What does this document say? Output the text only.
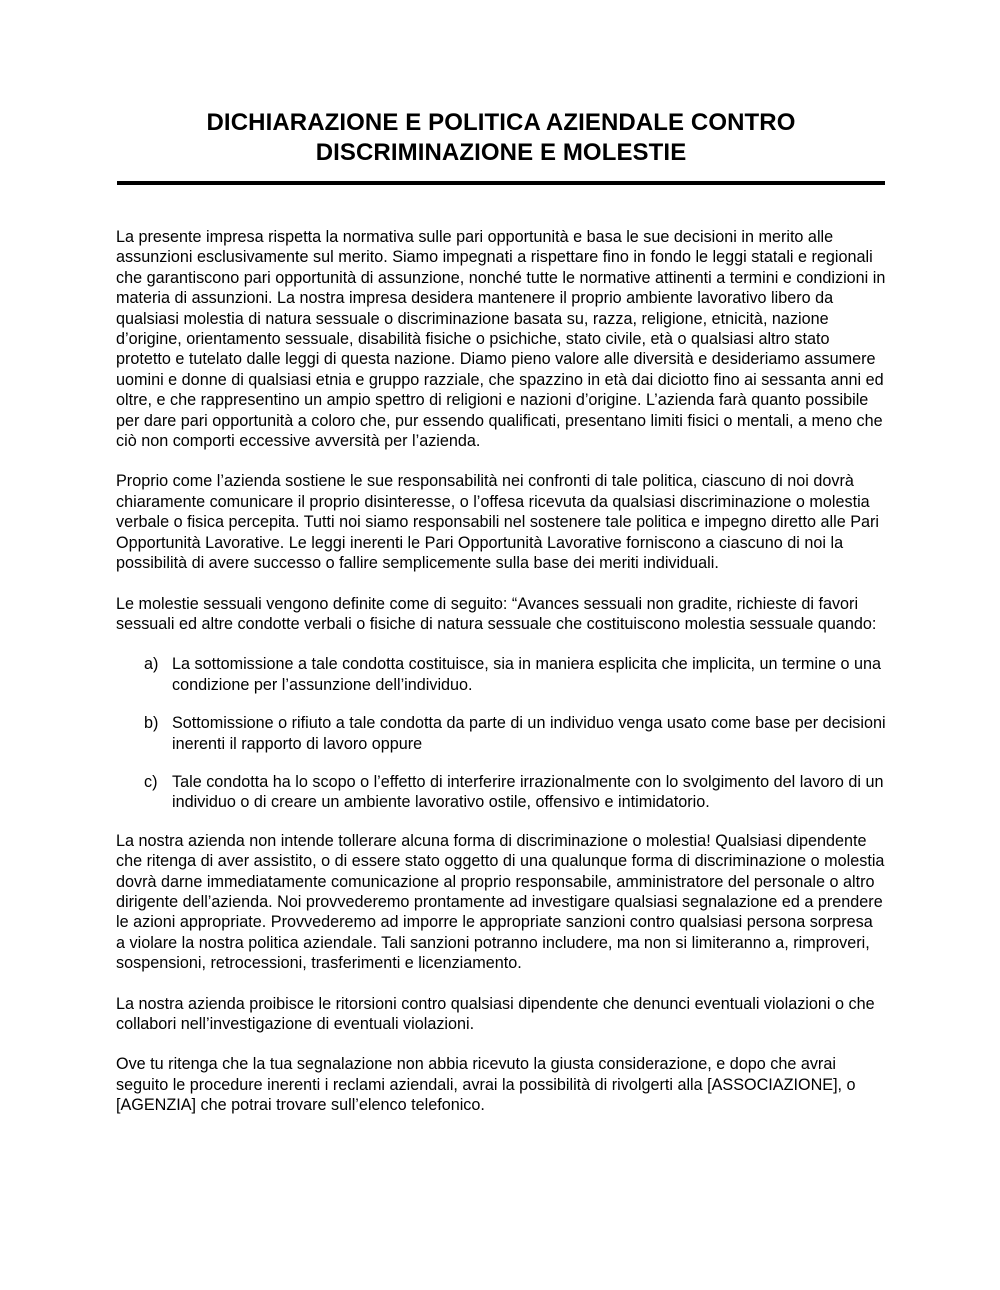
DICHIARAZIONE E POLITICA AZIENDALE CONTRO
DISCRIMINAZIONE E MOLESTIE

La presente impresa rispetta la normativa sulle pari opportunità e basa le sue decisioni in merito alle assunzioni esclusivamente sul merito. Siamo impegnati a rispettare fino in fondo le leggi statali e regionali che garantiscono pari opportunità di assunzione, nonché tutte le normative attinenti a termini e condizioni in materia di assunzioni. La nostra impresa desidera mantenere il proprio ambiente lavorativo libero da qualsiasi molestia di natura sessuale o discriminazione basata su, razza, religione, etnicità, nazione d’origine, orientamento sessuale, disabilità fisiche o psichiche, stato civile, età o qualsiasi altro stato protetto e tutelato dalle leggi di questa nazione. Diamo pieno valore alle diversità e desideriamo assumere uomini e donne di qualsiasi etnia e gruppo razziale, che spazzino in età dai diciotto fino ai sessanta anni ed oltre, e che rappresentino un ampio spettro di religioni e nazioni d’origine. L’azienda farà quanto possibile per dare pari opportunità a coloro che, pur essendo qualificati, presentano limiti fisici o mentali, a meno che ciò non comporti eccessive avversità per l’azienda.

Proprio come l’azienda sostiene le sue responsabilità nei confronti di tale politica, ciascuno di noi dovrà chiaramente comunicare il proprio disinteresse, o l’offesa ricevuta da qualsiasi discriminazione o molestia verbale o fisica percepita. Tutti noi siamo responsabili nel sostenere tale politica e impegno diretto alle Pari Opportunità Lavorative. Le leggi inerenti le Pari Opportunità Lavorative forniscono a ciascuno di noi la possibilità di avere successo o fallire semplicemente sulla base dei meriti individuali.

Le molestie sessuali vengono definite come di seguito: “Avances sessuali non gradite, richieste di favori sessuali ed altre condotte verbali o fisiche di natura sessuale che costituiscono molestia sessuale quando:

a) La sottomissione a tale condotta costituisce, sia in maniera esplicita che implicita, un termine o una condizione per l’assunzione dell’individuo.
b) Sottomissione o rifiuto a tale condotta da parte di un individuo venga usato come base per decisioni inerenti il rapporto di lavoro oppure
c) Tale condotta ha lo scopo o l’effetto di interferire irrazionalmente con lo svolgimento del lavoro di un individuo o di creare un ambiente lavorativo ostile, offensivo e intimidatorio.

La nostra azienda non intende tollerare alcuna forma di discriminazione o molestia! Qualsiasi dipendente che ritenga di aver assistito, o di essere stato oggetto di una qualunque forma di discriminazione o molestia dovrà darne immediatamente comunicazione al proprio responsabile, amministratore del personale o altro dirigente dell’azienda. Noi provvederemo prontamente ad investigare qualsiasi segnalazione ed a prendere le azioni appropriate. Provvederemo ad imporre le appropriate sanzioni contro qualsiasi persona sorpresa a violare la nostra politica aziendale. Tali sanzioni potranno includere, ma non si limiteranno a, rimproveri, sospensioni, retrocessioni, trasferimenti e licenziamento.

La nostra azienda proibisce le ritorsioni contro qualsiasi dipendente che denunci eventuali violazioni o che collabori nell’investigazione di eventuali violazioni.

Ove tu ritenga che la tua segnalazione non abbia ricevuto la giusta considerazione, e dopo che avrai seguito le procedure inerenti i reclami aziendali, avrai la possibilità di rivolgerti alla [ASSOCIAZIONE], o [AGENZIA] che potrai trovare sull’elenco telefonico.
